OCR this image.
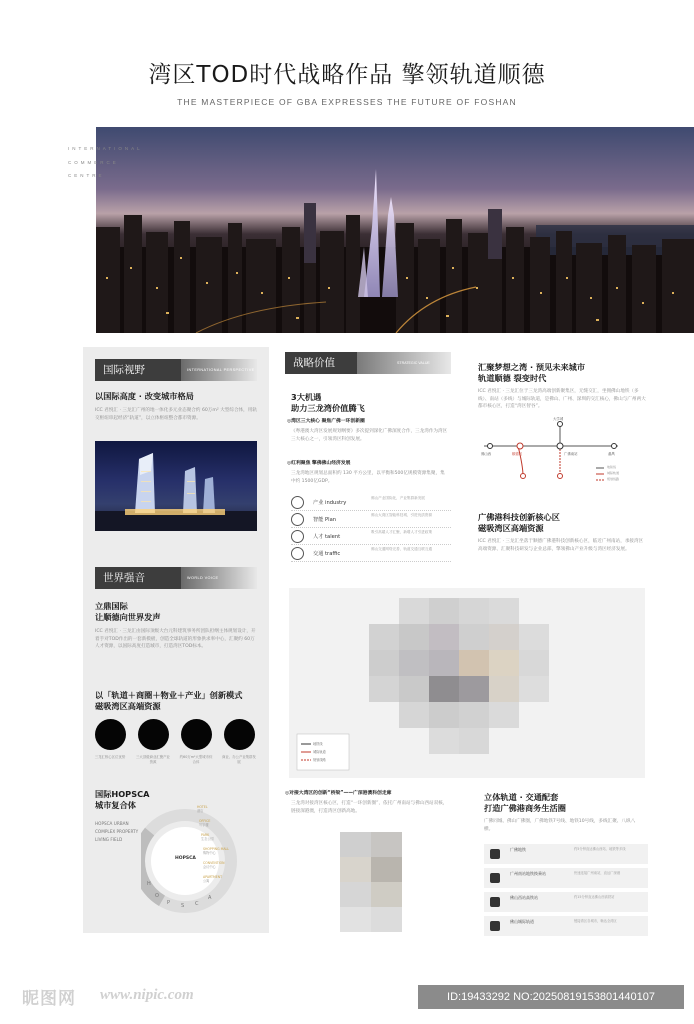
湾区TOD时代战略作品 擎领轨道顺德
THE MASTERPIECE OF GBA EXPRESSES THE FUTURE OF FOSHAN
INTERNATIONAL
COMMERCE
CENTRE
国际视野	INTERNATIONAL PERSPECTIVE
以国际高度 · 改变城市格局
ICC 君悦汇 · 三龙汇广州的地一体化多元业态聚合约 60万m² 大型综合体，用轨交枢纽串起经济“轨道”，以立体枢纽整合都市资源。
世界强音	WORLD VOICE
立鼎国际
让顺德向世界发声
ICC 君悦汇 · 三龙汇由国际顶级大台元科建筑事务所团队担纲主体规划设计，开着手对TOD作出的一套新模板，创造全球轨道的形象供求率中心，汇聚约 60万人才资源，以国际高度打造城市，打造湾区TOD标本。
以「轨道＋商圈＋物业＋产业」创新模式
磁吸湾区高端资源
三龙汇核心区位优势	三大顶级商业汇聚产业资源
约60万m²大型城市综合体
商业、办公产业集群发展
国际HOPSCA
城市复合体
HOPSCA URBAN
COMPLEX PROPERTY
LIVING FIELD
HOPSCA
H
O
P S C
A
HOTEL
酒店
OFFICE
写字楼
PARK
生态公园
SHOPPING MALL
购物中心
CONVENTION
会议中心
APARTMENT
公寓
战略价值	STRATEGIC VALUE
3大机遇
助力三龙湾价值腾飞
◎湾区三大核心 聚焦广佛一环创新圈
《粤港澳大湾区发展规划纲要》多次提到深化广佛深度合作，三龙湾作为湾区三大核心之一，引领湾区科创发展。
◎红利聚焦 擎佛佛山经济发展
三龙湾地区规划总面积约 130 平方公里，以平衡和500亿规模资源集聚，集中约 1500亿GDP。
产业 industry
佛山产业国际化，产业集群新发展
智能 Plan
佛山大湾区智能科技城，引进优质资源
人才 talent
吸引高端人才汇聚，新增人才引进政策
交通 traffic
佛山交通网络完善，轨道交通互联互通
汇聚梦想之湾 · 预见未来城市
轨道顺德 裂变时代
ICC 君悦汇 · 三龙汇位于三龙湾高端创新聚集区，无缝交汇，坐拥佛山地铁（多线）、南站（多线）与城际轨道，是佛山、广州、深圳的交汇核心，佛山与广州两大都市核心区，打造“湾区智谷”。
大学城
佛山西	顺德站	广佛南站	番禺
地铁线
城际轨道
规划线路
广佛港科技创新核心区
磁吸湾区高端资源
ICC 君悦汇 · 三龙汇坐落于顺德广佛港科技创新核心区，临近广州南站，承接湾区高端资源、汇聚科技研发与企业总部，擎领佛山产业升级与湾区经济发展。
地铁线
城际轨道
规划线路
◎对接大湾区的创新“桥梁”——广深港澳科创走廊
三龙湾对接湾区核心区，打造“一环创新圈”，依托广州南站与佛山西站双核，链接深港澳，打造湾区创新高地。
立体轨道 · 交通配套
打造广佛港商务生活圈
广佛同城、佛山广佛圈，广佛地铁7号线、地铁10号线，多线汇聚、八纵八横。
广佛地铁	约5分钟直达佛山西站、地铁等多线
广州南站地铁换乘站	快速连接广州南站，直达广深港
佛山西站高铁站	约15分钟直达佛山西高铁站
佛山城际轨道	链接湾区各城市，畅达全湾区
昵图网 www.nipic.com	ID:19433292 NO:20250819153801440107
